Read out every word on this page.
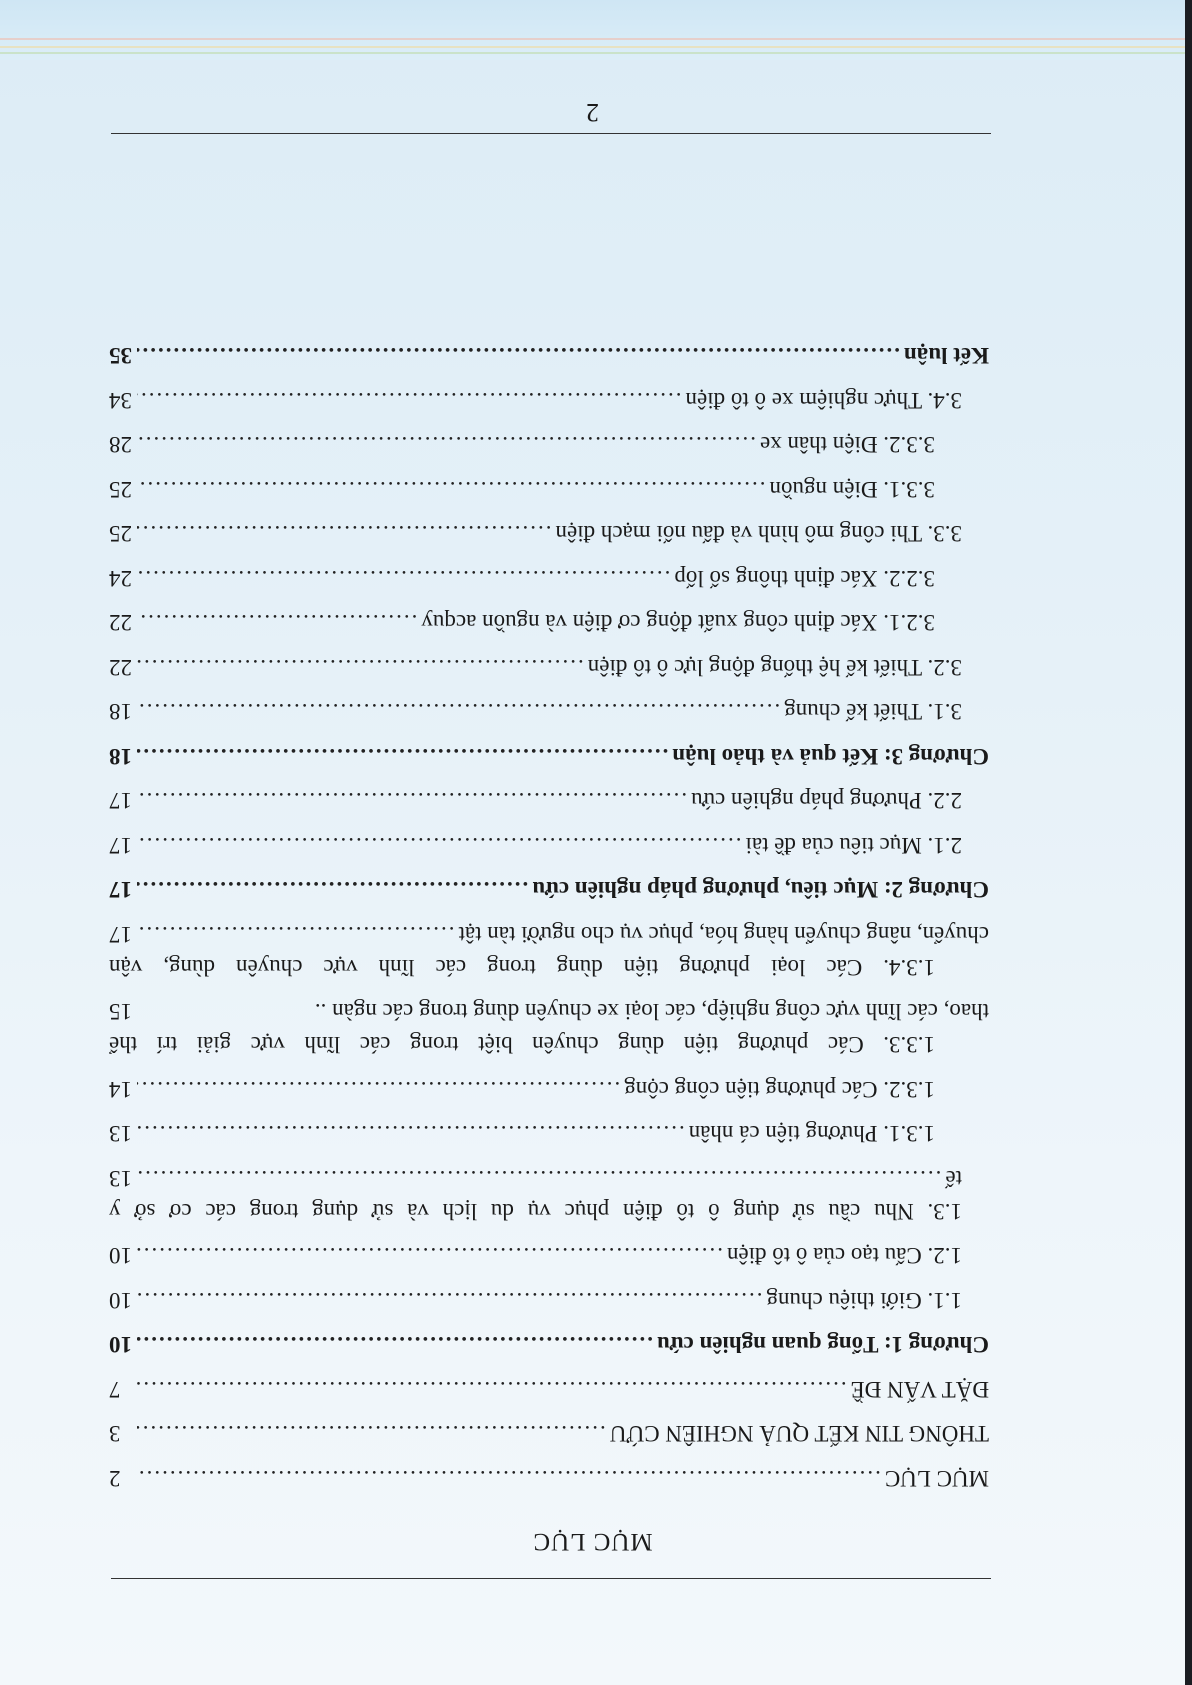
MỤC LỤC
MỤC LỤC
.....
2
THÔNG TIN KẾT QUẢ NGHIÊN CỨU
.....
3
ĐẶT VẤN ĐỀ
.....
7
Chương 1: Tổng quan nghiên cứu
.....
10
1.1. Giới thiệu chung
.....
10
1.2. Cấu tạo của ô tô điện
.....
10
1.3. Nhu cầu sử dụng ô tô điện phục vụ du lịch và sử dụng trong các cơ sở y
tế
.....
13
1.3.1. Phương tiện cá nhân
.....
13
1.3.2. Các phương tiện công cộng
.....
14
1.3.3. Các phương tiện dùng chuyên biệt trong các lĩnh vực giải trí thể
thao, các lĩnh vực công nghiệp, các loại xe chuyên dùng trong các ngàn ..
15
1.3.4. Các loại phương tiện dùng trong các lĩnh vực chuyên dùng, vận
chuyển, nâng chuyển hàng hóa, phục vụ cho người tàn tật
.....
17
Chương 2: Mục tiêu, phương pháp nghiên cứu
.....
17
2.1. Mục tiêu của đề tài
.....
17
2.2. Phương pháp nghiên cứu
.....
17
Chương 3: Kết quả và thảo luận
.....
18
3.1. Thiết kế chung
.....
18
3.2. Thiết kế hệ thống động lực ô tô điện
.....
22
3.2.1. Xác định công xuất động cơ điện và nguồn acquy
.....
22
3.2.2. Xác định thông số lốp
.....
24
3.3. Thi công mô hình và đấu nối mạch điện
.....
25
3.3.1. Điện nguồn
.....
25
3.3.2. Điện thân xe
.....
28
3.4. Thực nghiệm xe ô tô điện
.....
34
Kết luận
.....
35
2
